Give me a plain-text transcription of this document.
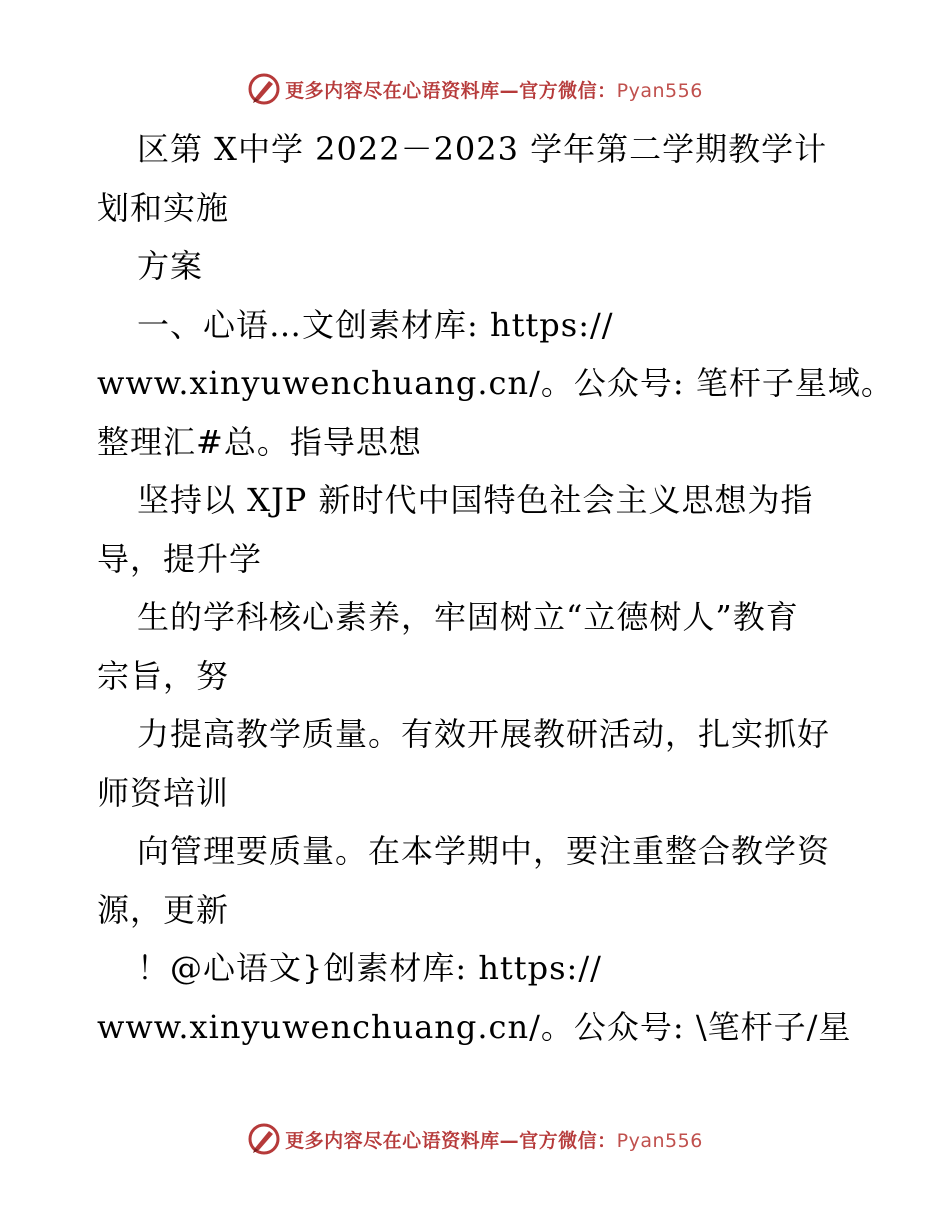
更多内容尽在心语资料库—官方微信：Pyan556
区第 X中学 2022－2023 学年第二学期教学计
划和实施
方案
一、心语…文创素材库: https://
www.xinyuwenchuang.cn/。公众号: 笔杆子星域。
整理汇#总。指导思想
坚持以 XJP 新时代中国特色社会主义思想为指
导，提升学
生的学科核心素养，牢固树立“立德树人”教育
宗旨，努
力提高教学质量。有效开展教研活动，扎实抓好
师资培训
向管理要质量。在本学期中，要注重整合教学资
源，更新
！@心语文}创素材库: https://
www.xinyuwenchuang.cn/。公众号: \笔杆子/星
更多内容尽在心语资料库—官方微信：Pyan556
